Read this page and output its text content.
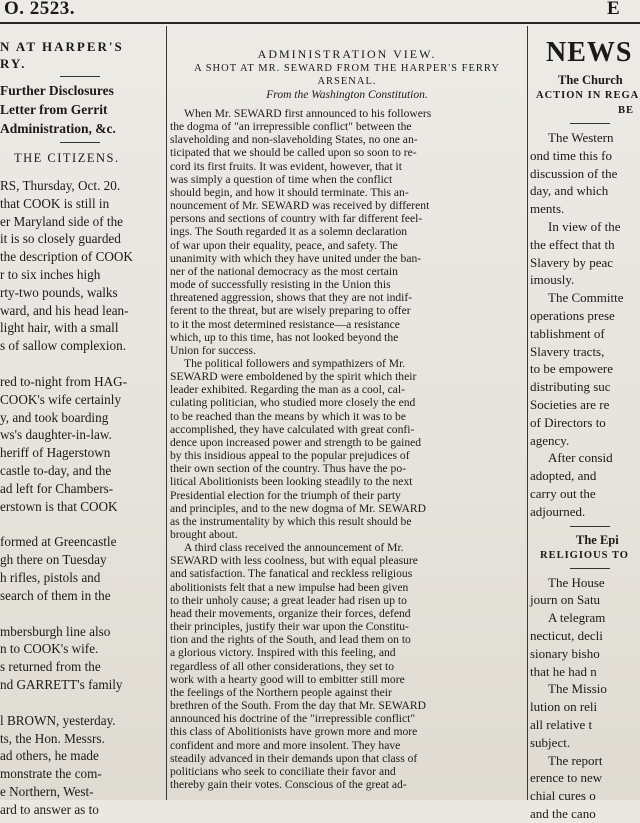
O. 2523.	E

N AT HARPER'S

RY.

Further Disclosures

Letter from Gerrit

Administration, &c.

THE CITIZENS.

RS, Thursday, Oct. 20.
that COOK is still in
er Maryland side of the
it is so closely guarded
the description of COOK
r to six inches high
rty-two pounds, walks
ward, and his head lean-
light hair, with a small
s of sallow complexion.
red to-night from HAG-
COOK's wife certainly
y, and took boarding
ws's daughter-in-law.
heriff of Hagerstown
castle to-day, and the
ad left for Chambers-
erstown is that COOK
formed at Greencastle
gh there on Tuesday
h rifles, pistols and
search of them in the
mbersburgh line also
n to COOK's wife.
s returned from the
nd GARRETT's family
l BROWN, yesterday.
ts, the Hon. Messrs.
ad others, he made
monstrate the com-
e Northern, West-
ard to answer as to

ADMINISTRATION VIEW.

A SHOT AT MR. SEWARD FROM THE HARPER'S FERRY

ARSENAL.

From the Washington Constitution.

When Mr. SEWARD first announced to his followers
the dogma of "an irrepressible conflict" between the
slaveholding and non-slaveholding States, no one an-
ticipated that we should be called upon so soon to re-
cord its first fruits. It was evident, however, that it
was simply a question of time when the conflict
should begin, and how it should terminate. This an-
nouncement of Mr. SEWARD was received by different
persons and sections of country with far different feel-
ings. The South regarded it as a solemn declaration
of war upon their equality, peace, and safety. The
unanimity with which they have united under the ban-
ner of the national democracy as the most certain
mode of successfully resisting in the Union this
threatened aggression, shows that they are not indif-
ferent to the threat, but are wisely preparing to offer
to it the most determined resistance—a resistance
which, up to this time, has not looked beyond the
Union for success.
The political followers and sympathizers of Mr.
SEWARD were emboldened by the spirit which their
leader exhibited. Regarding the man as a cool, cal-
culating politician, who studied more closely the end
to be reached than the means by which it was to be
accomplished, they have calculated with great confi-
dence upon increased power and strength to be gained
by this insidious appeal to the popular prejudices of
their own section of the country. Thus have the po-
litical Abolitionists been looking steadily to the next
Presidential election for the triumph of their party
and principles, and to the new dogma of Mr. SEWARD
as the instrumentality by which this result should be
brought about.
A third class received the announcement of Mr.
SEWARD with less coolness, but with equal pleasure
and satisfaction. The fanatical and reckless religious
abolitionists felt that a new impulse had been given
to their unholy cause; a great leader had risen up to
head their movements, organize their forces, defend
their principles, justify their war upon the Constitu-
tion and the rights of the South, and lead them on to
a glorious victory. Inspired with this feeling, and
regardless of all other considerations, they set to
work with a hearty good will to embitter still more
the feelings of the Northern people against their
brethren of the South. From the day that Mr. SEWARD
announced his doctrine of the "irrepressible conflict"
this class of Abolitionists have grown more and more
confident and more and more insolent. They have
steadily advanced in their demands upon that class of
politicians who seek to conciliate their favor and
thereby gain their votes. Conscious of the great ad-

NEWS

The Church

ACTION IN REGA

BE

The Western
ond time this fo
discussion of the
day, and which
ments.
In view of the
the effect that th
Slavery by peac
imously.
The Committe
operations prese
tablishment of
Slavery tracts,
to be empowere
distributing suc
Societies are re
of Directors to
agency.
After consid
adopted, and
carry out the
adjourned.

The Epi

RELIGIOUS TO

The House
journ on Satu
A telegram
necticut, decli
sionary bisho
that he had n
The Missio
lution on reli
all relative t
subject.
The report
erence to new
chial cures o
and the cano
